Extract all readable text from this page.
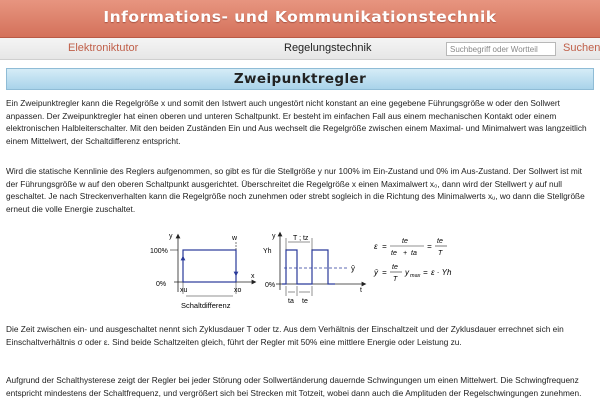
Informations- und Kommunikationstechnik
Elektroniktutor	Regelungstechnik
Suchbegriff oder Wortteil	Suchen
Zweipunktregler

Ein Zweipunktregler kann die Regelgröße x und somit den Istwert auch ungestört nicht konstant an eine gegebene Führungsgröße w oder den Sollwert anpassen. Der Zweipunktregler hat einen oberen und unteren Schaltpunkt. Er besteht im einfachen Fall aus einem mechanischen Kontakt oder einem elektronischen Halbleiterschalter. Mit den beiden Zuständen Ein und Aus wechselt die Regelgröße zwischen einem Maximal- und Minimalwert was langzeitlich einem Mittelwert, der Schaltdifferenz entspricht.

Wird die statische Kennlinie des Reglers aufgenommen, so gibt es für die Stellgröße y nur 100% im Ein-Zustand und 0% im Aus-Zustand. Der Sollwert ist mit der Führungsgröße w auf den oberen Schaltpunkt ausgerichtet. Überschreitet die Regelgröße x einen Maximalwert x₀, dann wird der Stellwert y auf null geschaltet. Je nach Streckenverhalten kann die Regelgröße noch zunehmen oder strebt sogleich in die Richtung des Minimalwerts xᵤ, wo dann die Stellgröße erneut die volle Energie zuschaltet.

y	w
100%
0%
xu	xo
x
Schaltdifferenz
y
Yh
0%
T ; tz
ȳ
t
ta te
ε =
te
te + ta
=
te
T
ȳ =
te
T
y max = ε · Yh

Die Zeit zwischen ein- und ausgeschaltet nennt sich Zyklusdauer T oder tz. Aus dem Verhältnis der Einschaltzeit und der Zyklusdauer errechnet sich ein Einschaltverhältnis σ oder ε. Sind beide Schaltzeiten gleich, führt der Regler mit 50% eine mittlere Energie oder Leistung zu.

Aufgrund der Schalthysterese zeigt der Regler bei jeder Störung oder Sollwertänderung dauernde Schwingungen um einen Mittelwert. Die Schwingfrequenz entspricht mindestens der Schaltfrequenz, und vergrößert sich bei Strecken mit Totzeit, wobei dann auch die Amplituden der Regelschwingungen zunehmen.
